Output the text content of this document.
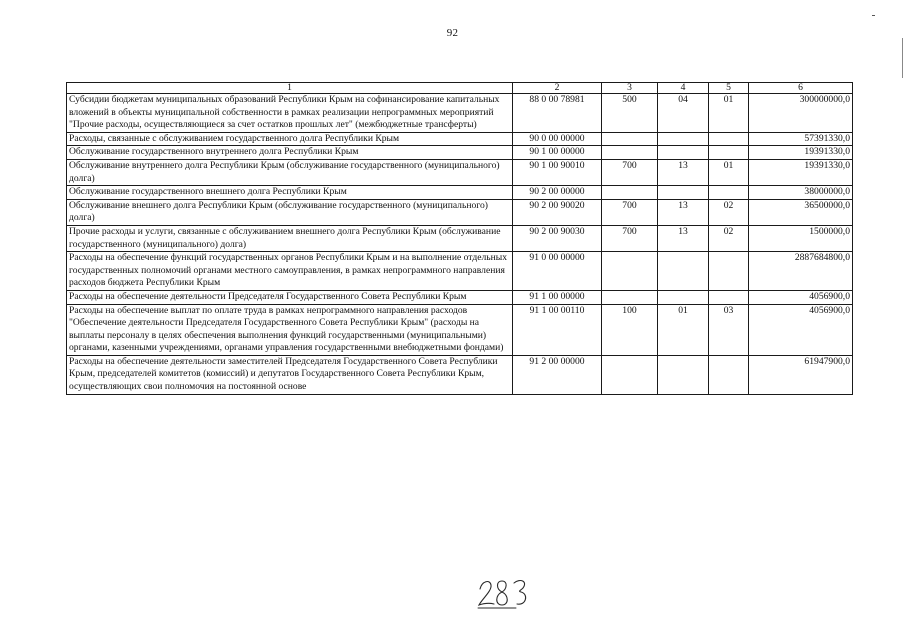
92
1	2	3	4	5	6
Субсидии бюджетам муниципальных образований Республики Крым на софинансирование капитальных вложений в объекты муниципальной собственности в рамках реализации непрограммных мероприятий "Прочие расходы, осуществляющиеся за счет остатков прошлых лет" (межбюджетные трансферты)	88 0 00 78981	500	04	01	300000000,0
Расходы, связанные с обслуживанием государственного долга Республики Крым	90 0 00 00000				57391330,0
Обслуживание государственного внутреннего долга Республики Крым	90 1 00 00000				19391330,0
Обслуживание внутреннего долга Республики Крым (обслуживание государственного (муниципального) долга)	90 1 00 90010	700	13	01	19391330,0
Обслуживание государственного внешнего долга Республики Крым	90 2 00 00000				38000000,0
Обслуживание внешнего долга Республики Крым (обслуживание государственного (муниципального) долга)	90 2 00 90020	700	13	02	36500000,0
Прочие расходы и услуги, связанные с обслуживанием внешнего долга Республики Крым (обслуживание государственного (муниципального) долга)	90 2 00 90030	700	13	02	1500000,0
Расходы на обеспечение функций государственных органов Республики Крым и на выполнение отдельных государственных полномочий органами местного самоуправления, в рамках непрограммного направления расходов бюджета Республики Крым	91 0 00 00000				2887684800,0
Расходы на обеспечение деятельности Председателя Государственного Совета Республики Крым	91 1 00 00000				4056900,0
Расходы на обеспечение выплат по оплате труда в рамках непрограммного направления расходов "Обеспечение деятельности Председателя Государственного Совета Республики Крым" (расходы на выплаты персоналу в целях обеспечения выполнения функций государственными (муниципальными) органами, казенными учреждениями, органами управления государственными внебюджетными фондами)	91 1 00 00110	100	01	03	4056900,0
Расходы на обеспечение деятельности заместителей Председателя Государственного Совета Республики Крым, председателей комитетов (комиссий) и депутатов Государственного Совета Республики Крым, осуществляющих свои полномочия на постоянной основе	91 2 00 00000				61947900,0
